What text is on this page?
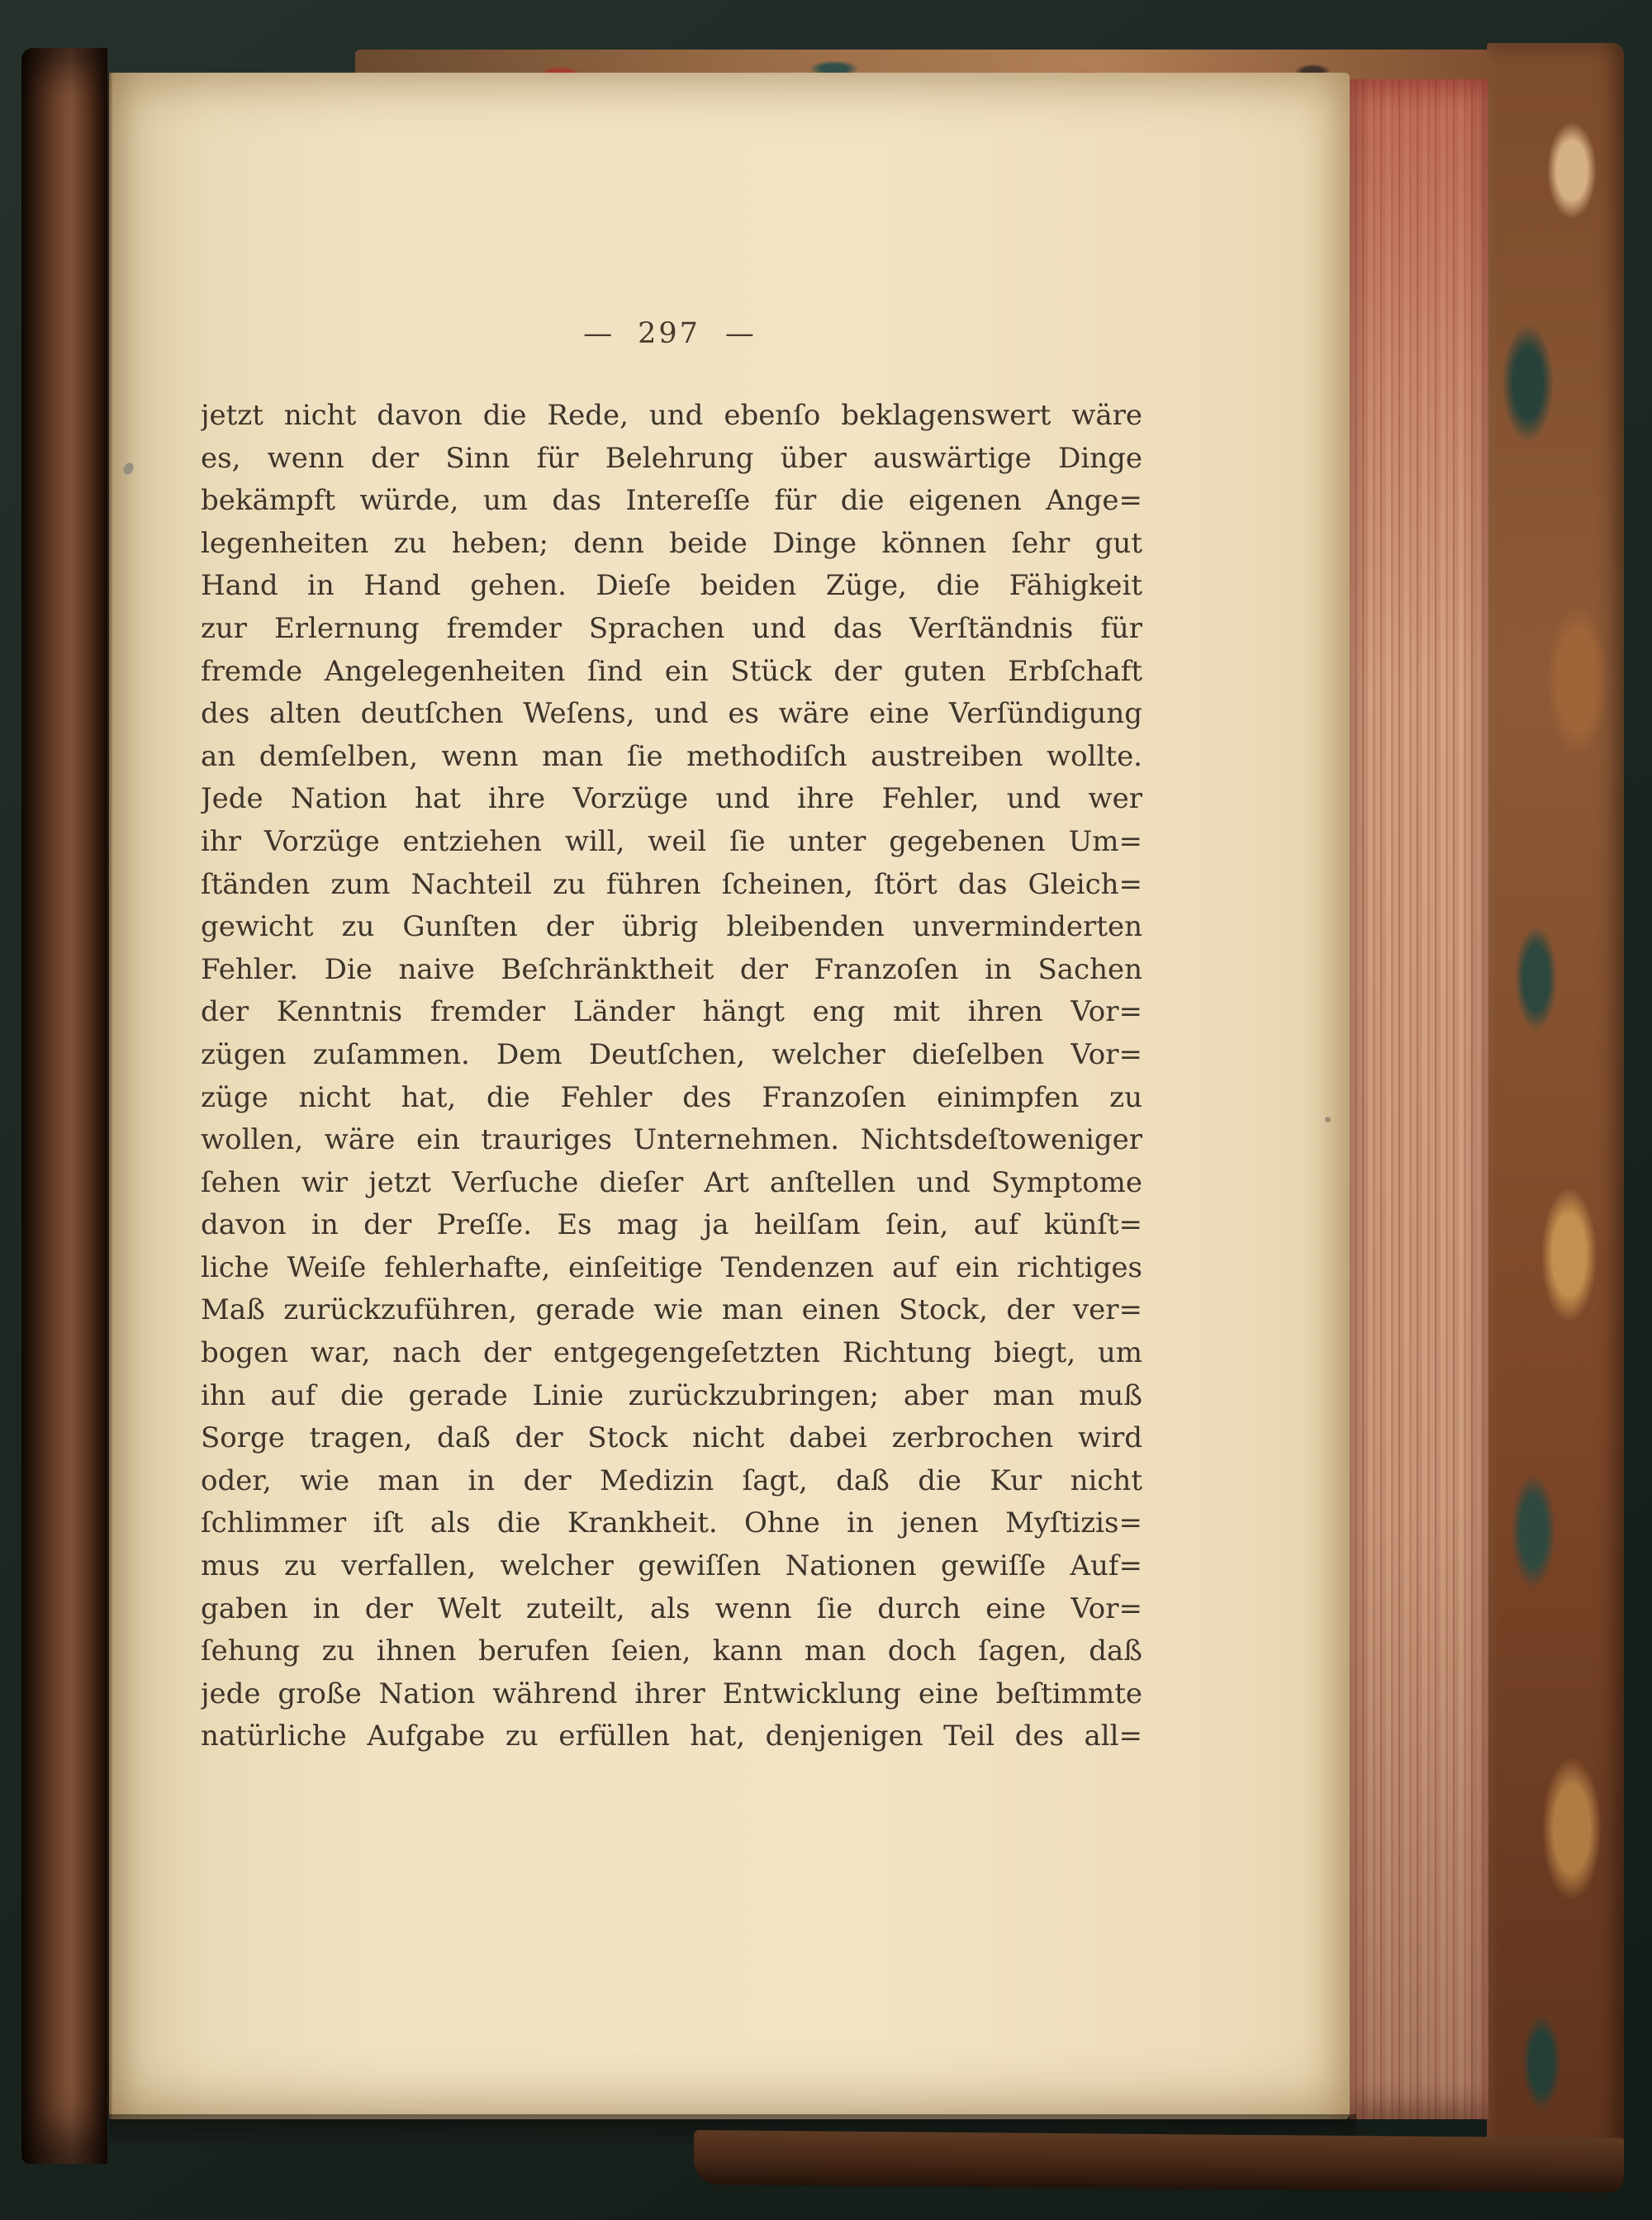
— 297 —
jetzt nicht davon die Rede, und ebenſo beklagenswert wäre
es, wenn der Sinn für Belehrung über auswärtige Dinge
bekämpft würde, um das Intereſſe für die eigenen Ange=
legenheiten zu heben; denn beide Dinge können ſehr gut
Hand in Hand gehen. Dieſe beiden Züge, die Fähigkeit
zur Erlernung fremder Sprachen und das Verſtändnis für
fremde Angelegenheiten ſind ein Stück der guten Erbſchaft
des alten deutſchen Weſens, und es wäre eine Verſündigung
an demſelben, wenn man ſie methodiſch austreiben wollte.
Jede Nation hat ihre Vorzüge und ihre Fehler, und wer
ihr Vorzüge entziehen will, weil ſie unter gegebenen Um=
ſtänden zum Nachteil zu führen ſcheinen, ſtört das Gleich=
gewicht zu Gunſten der übrig bleibenden unverminderten
Fehler. Die naive Beſchränktheit der Franzoſen in Sachen
der Kenntnis fremder Länder hängt eng mit ihren Vor=
zügen zuſammen. Dem Deutſchen, welcher dieſelben Vor=
züge nicht hat, die Fehler des Franzoſen einimpfen zu
wollen, wäre ein trauriges Unternehmen. Nichtsdeſtoweniger
ſehen wir jetzt Verſuche dieſer Art anſtellen und Symptome
davon in der Preſſe. Es mag ja heilſam ſein, auf künſt=
liche Weiſe fehlerhafte, einſeitige Tendenzen auf ein richtiges
Maß zurückzuführen, gerade wie man einen Stock, der ver=
bogen war, nach der entgegengeſetzten Richtung biegt, um
ihn auf die gerade Linie zurückzubringen; aber man muß
Sorge tragen, daß der Stock nicht dabei zerbrochen wird
oder, wie man in der Medizin ſagt, daß die Kur nicht
ſchlimmer iſt als die Krankheit. Ohne in jenen Myſtizis=
mus zu verfallen, welcher gewiſſen Nationen gewiſſe Auf=
gaben in der Welt zuteilt, als wenn ſie durch eine Vor=
ſehung zu ihnen berufen ſeien, kann man doch ſagen, daß
jede große Nation während ihrer Entwicklung eine beſtimmte
natürliche Aufgabe zu erfüllen hat, denjenigen Teil des all=
